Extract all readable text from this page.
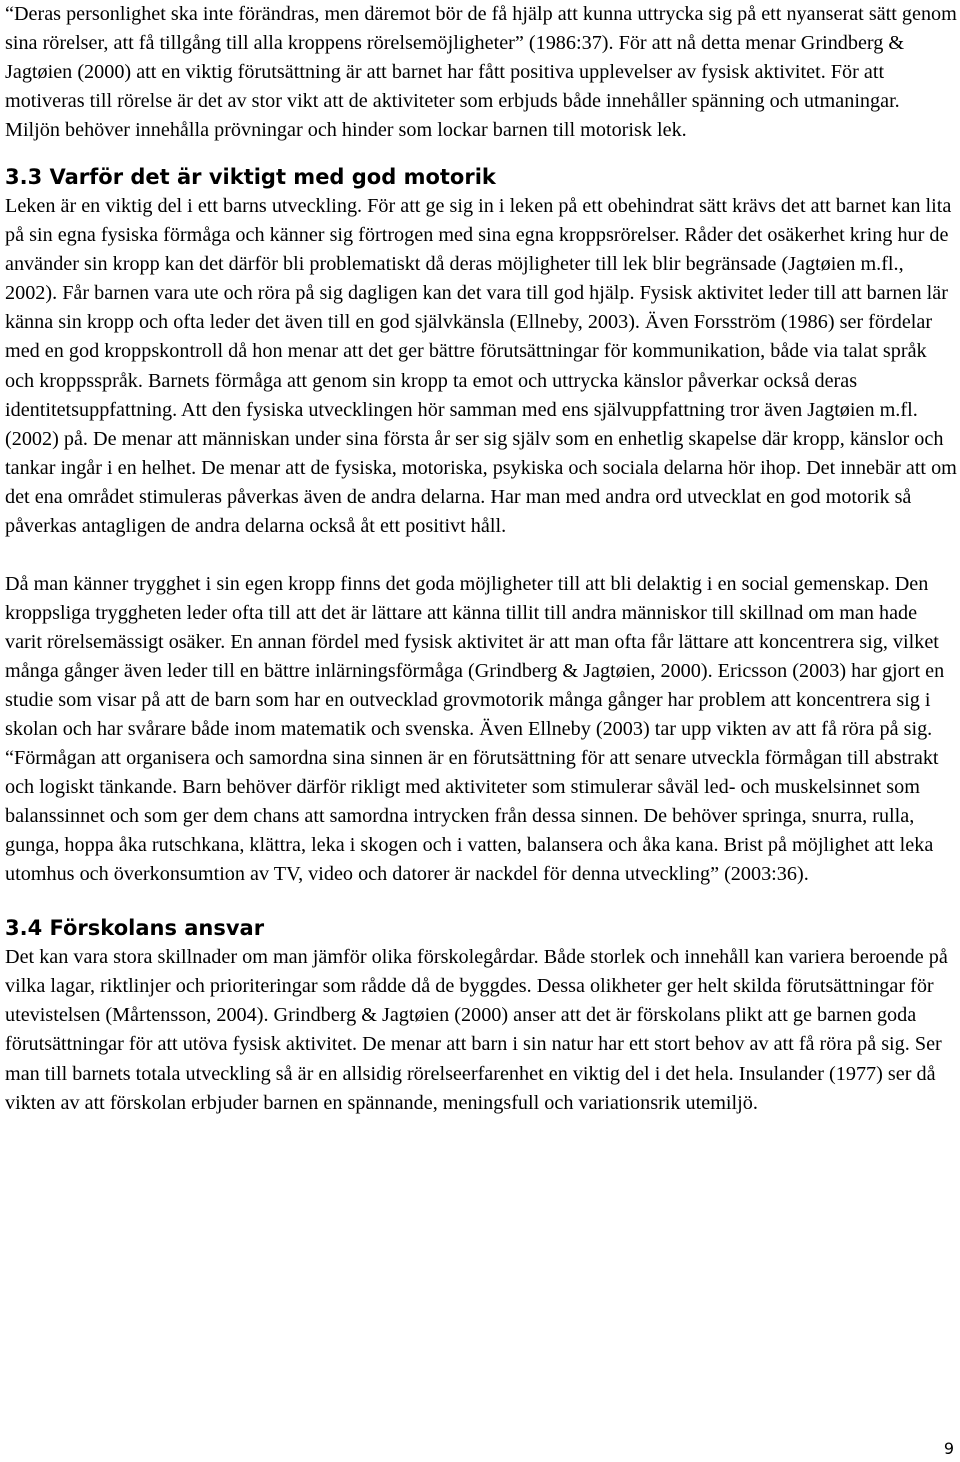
“Deras personlighet ska inte förändras, men däremot bör de få hjälp att kunna uttrycka sig på ett nyanserat sätt genom sina rörelser, att få tillgång till alla kroppens rörelsemöjligheter” (1986:37). För att nå detta menar Grindberg & Jagtøien (2000) att en viktig förutsättning är att barnet har fått positiva upplevelser av fysisk aktivitet. För att motiveras till rörelse är det av stor vikt att de aktiviteter som erbjuds både innehåller spänning och utmaningar. Miljön behöver innehålla prövningar och hinder som lockar barnen till motorisk lek.

3.3 Varför det är viktigt med god motorik

Leken är en viktig del i ett barns utveckling. För att ge sig in i leken på ett obehindrat sätt krävs det att barnet kan lita på sin egna fysiska förmåga och känner sig förtrogen med sina egna kroppsrörelser. Råder det osäkerhet kring hur de använder sin kropp kan det därför bli problematiskt då deras möjligheter till lek blir begränsade (Jagtøien m.fl., 2002). Får barnen vara ute och röra på sig dagligen kan det vara till god hjälp. Fysisk aktivitet leder till att barnen lär känna sin kropp och ofta leder det även till en god självkänsla (Ellneby, 2003). Även Forsström (1986) ser fördelar med en god kroppskontroll då hon menar att det ger bättre förutsättningar för kommunikation, både via talat språk och kroppsspråk. Barnets förmåga att genom sin kropp ta emot och uttrycka känslor påverkar också deras identitetsuppfattning. Att den fysiska utvecklingen hör samman med ens självuppfattning tror även Jagtøien m.fl. (2002) på. De menar att människan under sina första år ser sig själv som en enhetlig skapelse där kropp, känslor och tankar ingår i en helhet. De menar att de fysiska, motoriska, psykiska och sociala delarna hör ihop. Det innebär att om det ena området stimuleras påverkas även de andra delarna. Har man med andra ord utvecklat en god motorik så påverkas antagligen de andra delarna också åt ett positivt håll.

Då man känner trygghet i sin egen kropp finns det goda möjligheter till att bli delaktig i en social gemenskap. Den kroppsliga tryggheten leder ofta till att det är lättare att känna tillit till andra människor till skillnad om man hade varit rörelsemässigt osäker. En annan fördel med fysisk aktivitet är att man ofta får lättare att koncentrera sig, vilket många gånger även leder till en bättre inlärningsförmåga (Grindberg & Jagtøien, 2000). Ericsson (2003) har gjort en studie som visar på att de barn som har en outvecklad grovmotorik många gånger har problem att koncentrera sig i skolan och har svårare både inom matematik och svenska. Även Ellneby (2003) tar upp vikten av att få röra på sig. “Förmågan att organisera och samordna sina sinnen är en förutsättning för att senare utveckla förmågan till abstrakt och logiskt tänkande. Barn behöver därför rikligt med aktiviteter som stimulerar såväl led- och muskelsinnet som balanssinnet och som ger dem chans att samordna intrycken från dessa sinnen. De behöver springa, snurra, rulla, gunga, hoppa åka rutschkana, klättra, leka i skogen och i vatten, balansera och åka kana. Brist på möjlighet att leka utomhus och överkonsumtion av TV, video och datorer är nackdel för denna utveckling” (2003:36).

3.4 Förskolans ansvar

Det kan vara stora skillnader om man jämför olika förskolegårdar. Både storlek och innehåll kan variera beroende på vilka lagar, riktlinjer och prioriteringar som rådde då de byggdes. Dessa olikheter ger helt skilda förutsättningar för utevistelsen (Mårtensson, 2004). Grindberg & Jagtøien (2000) anser att det är förskolans plikt att ge barnen goda förutsättningar för att utöva fysisk aktivitet. De menar att barn i sin natur har ett stort behov av att få röra på sig. Ser man till barnets totala utveckling så är en allsidig rörelseerfarenhet en viktig del i det hela. Insulander (1977) ser då vikten av att förskolan erbjuder barnen en spännande, meningsfull och variationsrik utemiljö.

9
